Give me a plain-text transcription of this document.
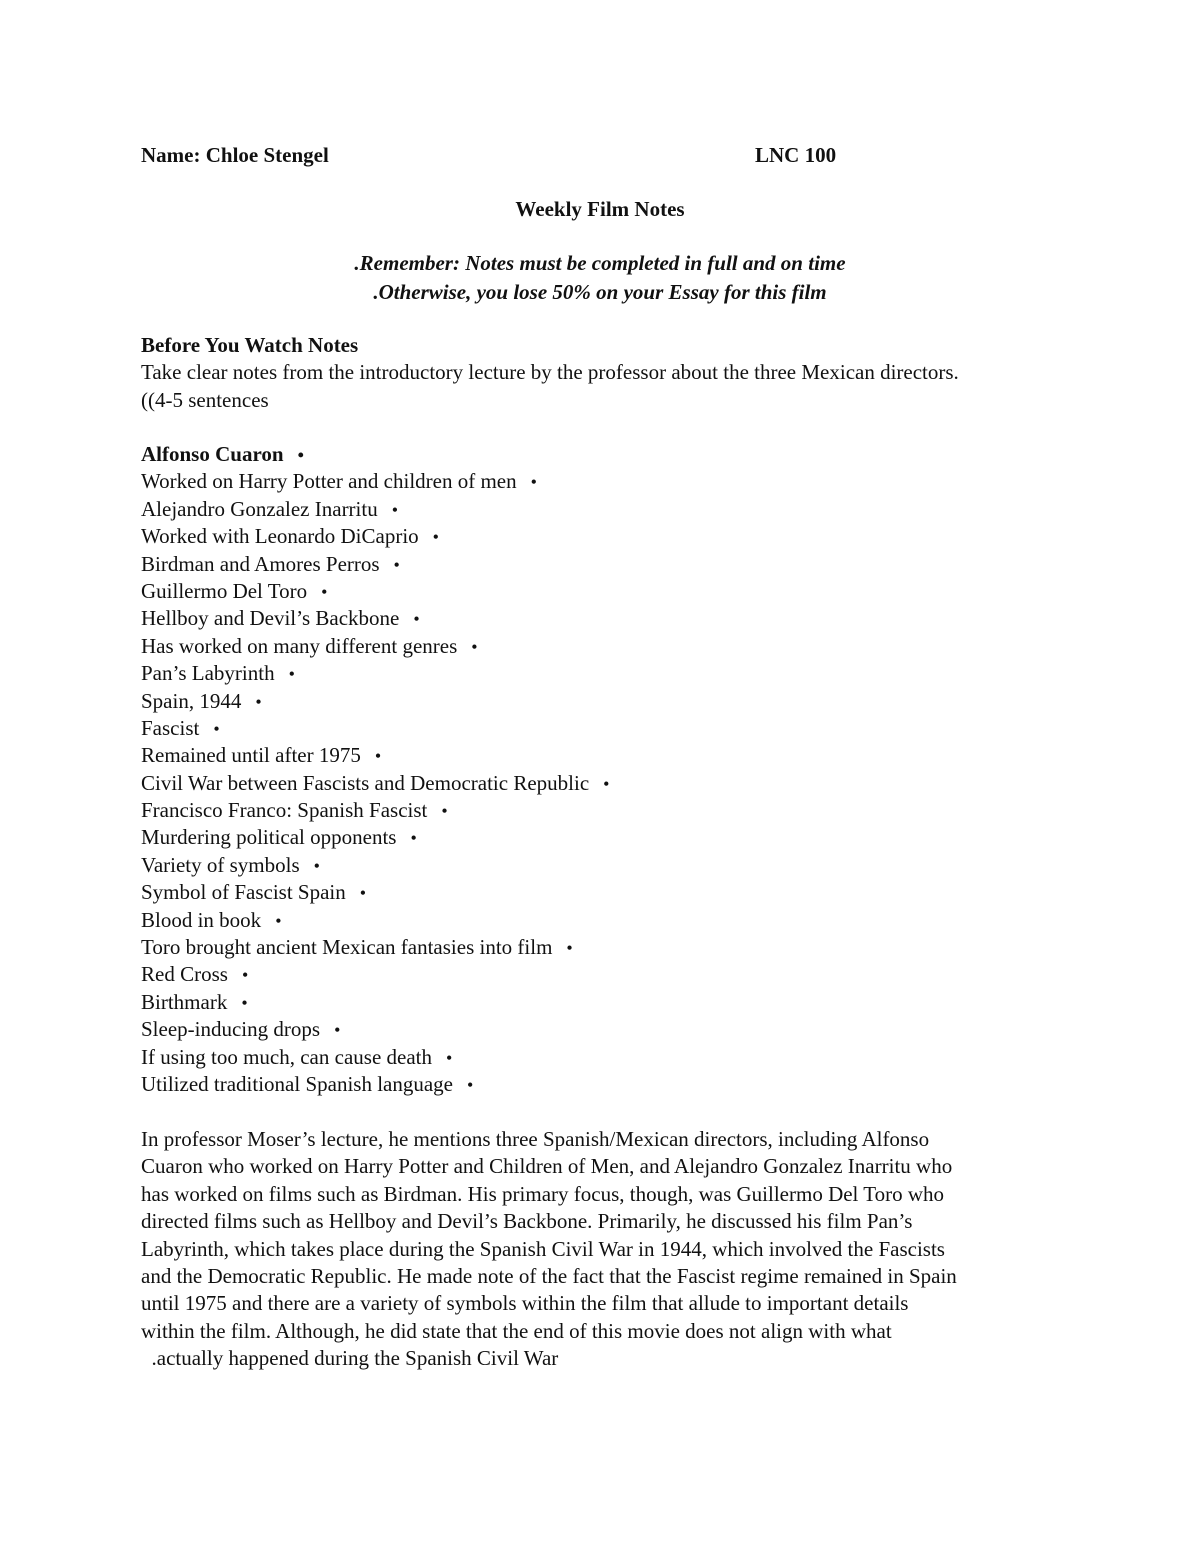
Name: Chloe Stengel	LNC 100
Weekly Film Notes
.Remember: Notes must be completed in full and on time
.Otherwise, you lose 50% on your Essay for this film
Before You Watch Notes
Take clear notes from the introductory lecture by the professor about the three Mexican directors.
((4-5 sentences
Alfonso Cuaron •
Worked on Harry Potter and children of men •
Alejandro Gonzalez Inarritu •
Worked with Leonardo DiCaprio •
Birdman and Amores Perros •
Guillermo Del Toro •
Hellboy and Devil’s Backbone •
Has worked on many different genres •
Pan’s Labyrinth •
Spain, 1944 •
Fascist •
Remained until after 1975 •
Civil War between Fascists and Democratic Republic •
Francisco Franco: Spanish Fascist •
Murdering political opponents •
Variety of symbols •
Symbol of Fascist Spain •
Blood in book •
Toro brought ancient Mexican fantasies into film •
Red Cross •
Birthmark •
Sleep-inducing drops •
If using too much, can cause death •
Utilized traditional Spanish language •
In professor Moser’s lecture, he mentions three Spanish/Mexican directors, including Alfonso
Cuaron who worked on Harry Potter and Children of Men, and Alejandro Gonzalez Inarritu who
has worked on films such as Birdman. His primary focus, though, was Guillermo Del Toro who
directed films such as Hellboy and Devil’s Backbone. Primarily, he discussed his film Pan’s
Labyrinth, which takes place during the Spanish Civil War in 1944, which involved the Fascists
and the Democratic Republic. He made note of the fact that the Fascist regime remained in Spain
until 1975 and there are a variety of symbols within the film that allude to important details
within the film. Although, he did state that the end of this movie does not align with what
.actually happened during the Spanish Civil War
